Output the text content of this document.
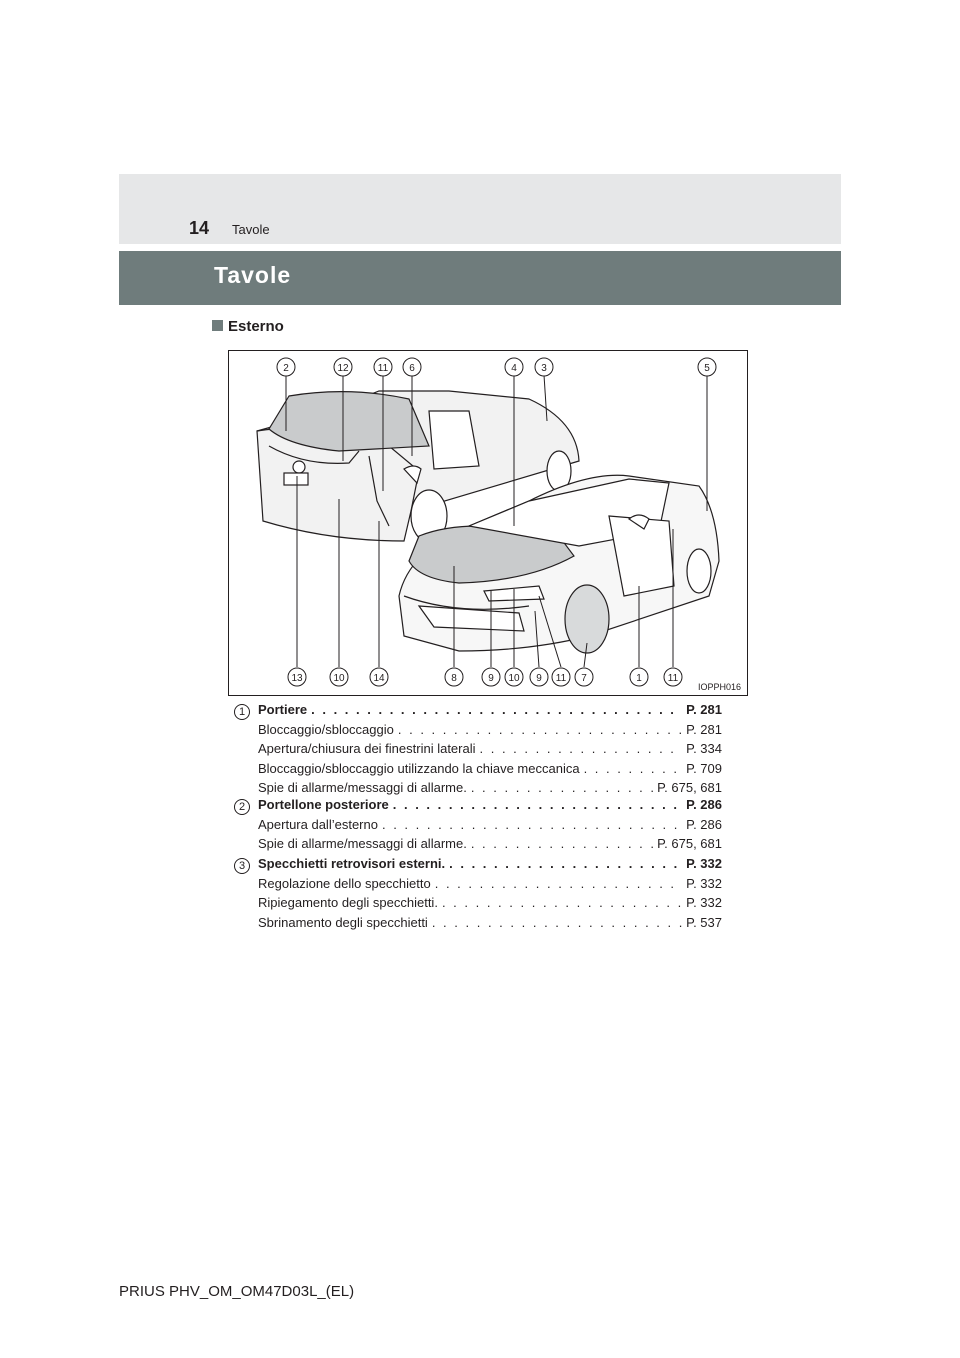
14 Tavole
Tavole
Esterno
2	12	11 6	4 3	5
13	10	14	8	9 10 9 11 7	1	11
IOPPH016
1 Portiere . . .	P. 281
Bloccaggio/sbloccaggio . . .	P. 281
Apertura/chiusura dei finestrini laterali . . .	P. 334
Bloccaggio/sbloccaggio utilizzando la chiave meccanica . . .	P. 709
Spie di allarme/messaggi di allarme. . . .	P. 675, 681
2 Portellone posteriore . . .	P. 286
Apertura dall’esterno . . .	P. 286
Spie di allarme/messaggi di allarme. . . .	P. 675, 681
3 Specchietti retrovisori esterni. . . .	P. 332
Regolazione dello specchietto . . .	P. 332
Ripiegamento degli specchietti. . . .	P. 332
Sbrinamento degli specchietti . . .	P. 537
PRIUS PHV_OM_OM47D03L_(EL)
